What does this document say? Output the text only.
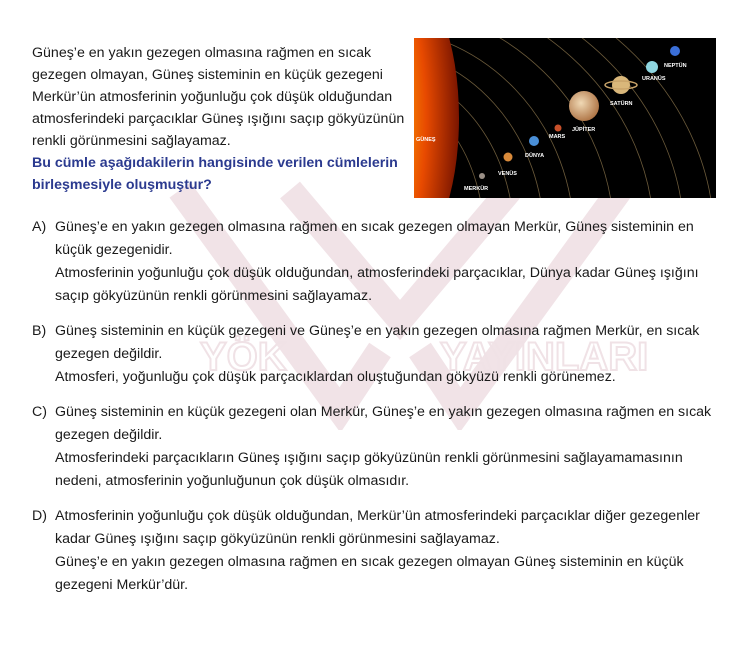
YÖK	YAYINLARI

Güneş’e en yakın gezegen olmasına rağmen en sıcak gezegen olmayan, Güneş sisteminin en küçük gezegeni Merkür’ün atmosferinin yoğunluğu çok düşük olduğundan atmosferindeki parçacıklar Güneş ışığını saçıp gökyüzünün renkli görünmesini sağlayamaz.

Bu cümle aşağıdakilerin hangisinde verilen cümlelerin birleşmesiyle oluşmuştur?

GÜNEŞ
MERKÜR
VENÜS
DÜNYA
MARS
JÜPİTER
SATÜRN
URANÜS
NEPTÜN
A) Güneş’e en yakın gezegen olmasına rağmen en sıcak gezegen olmayan Merkür, Güneş sisteminin en küçük gezegenidir.
Atmosferinin yoğunluğu çok düşük olduğundan, atmosferindeki parçacıklar, Dünya kadar Güneş ışığını saçıp gökyüzünün renkli görünmesini sağlayamaz.
B) Güneş sisteminin en küçük gezegeni ve Güneş’e en yakın gezegen olmasına rağmen Merkür, en sıcak gezegen değildir.
Atmosferi, yoğunluğu çok düşük parçacıklardan oluştuğundan gökyüzü renkli görünemez.
C) Güneş sisteminin en küçük gezegeni olan Merkür, Güneş’e en yakın gezegen olmasına rağmen en sıcak gezegen değildir.
Atmosferindeki parçacıkların Güneş ışığını saçıp gökyüzünün renkli görünmesini sağlayamamasının nedeni, atmosferinin yoğunluğunun çok düşük olmasıdır.
D) Atmosferinin yoğunluğu çok düşük olduğundan, Merkür’ün atmosferindeki parçacıklar diğer gezegenler kadar Güneş ışığını saçıp gökyüzünün renkli görünmesini sağlayamaz.
Güneş’e en yakın gezegen olmasına rağmen en sıcak gezegen olmayan Güneş sisteminin en küçük gezegeni Merkür’dür.
